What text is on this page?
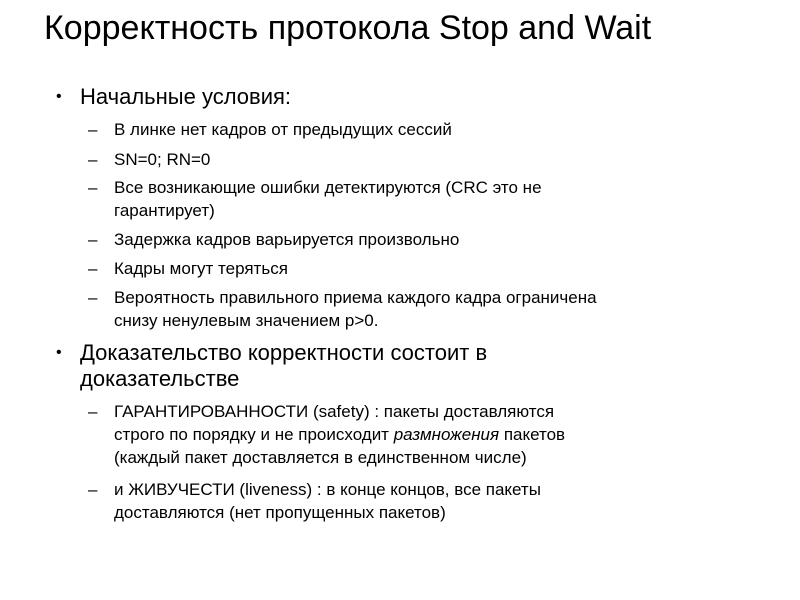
Корректность протокола Stop and Wait
• Начальные условия:
– В линке нет кадров от предыдущих сессий
– SN=0; RN=0
– Все возникающие ошибки детектируются (CRC это не
гарантирует)
– Задержка кадров варьируется произвольно
– Кадры могут теряться
– Вероятность правильного приема каждого кадра ограничена
снизу ненулевым значением p>0.
• Доказательство корректности состоит в
доказательстве
– ГАРАНТИРОВАННОСТИ (safety) : пакеты доставляются
строго по порядку и не происходит размножения пакетов
(каждый пакет доставляется в единственном числе)
– и ЖИВУЧЕСТИ (liveness) : в конце концов, все пакеты
доставляются (нет пропущенных пакетов)
